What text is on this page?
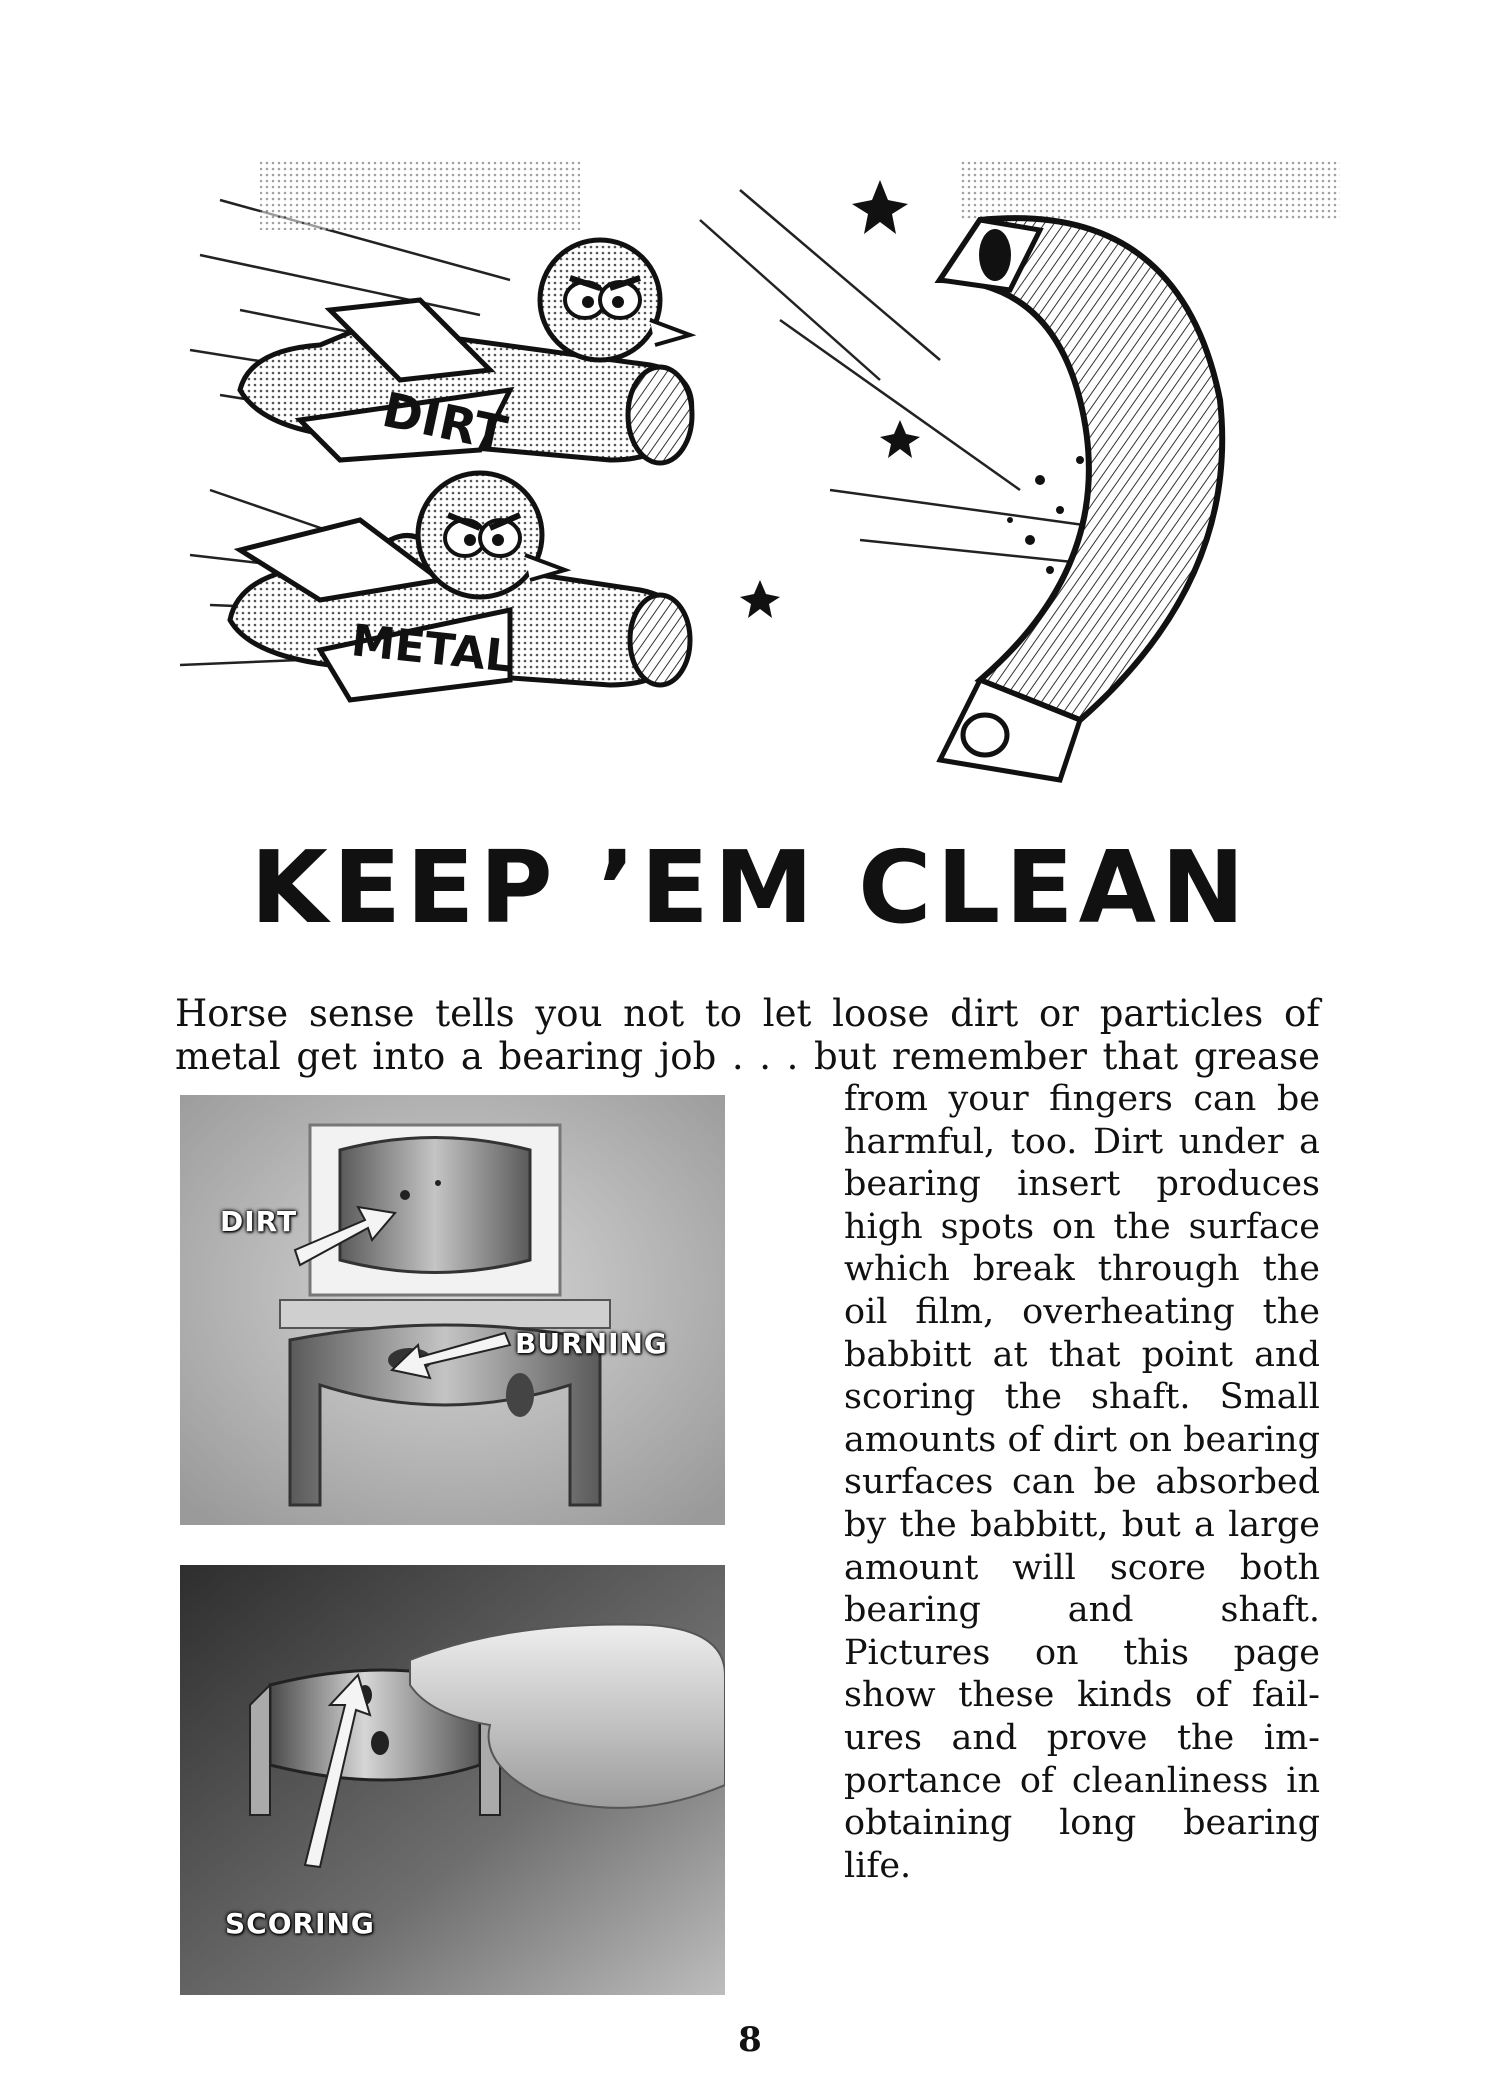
DIRT
METAL
KEEP ’EM CLEAN

Horse sense tells you not to let loose dirt or particles of metal get into a bearing job . . . but remember that grease

from your fingers can be harmful, too. Dirt under a bearing insert produces high spots on the surface which break through the oil film, overheating the babbitt at that point and scoring the shaft. Small amounts of dirt on bearing surfaces can be absorbed by the babbitt, but a large amount will score both bearing and shaft. Pictures on this page show these kinds of failures and prove the importance of cleanliness in obtaining long bearing life.

DIRT
BURNING
SCORING

8
